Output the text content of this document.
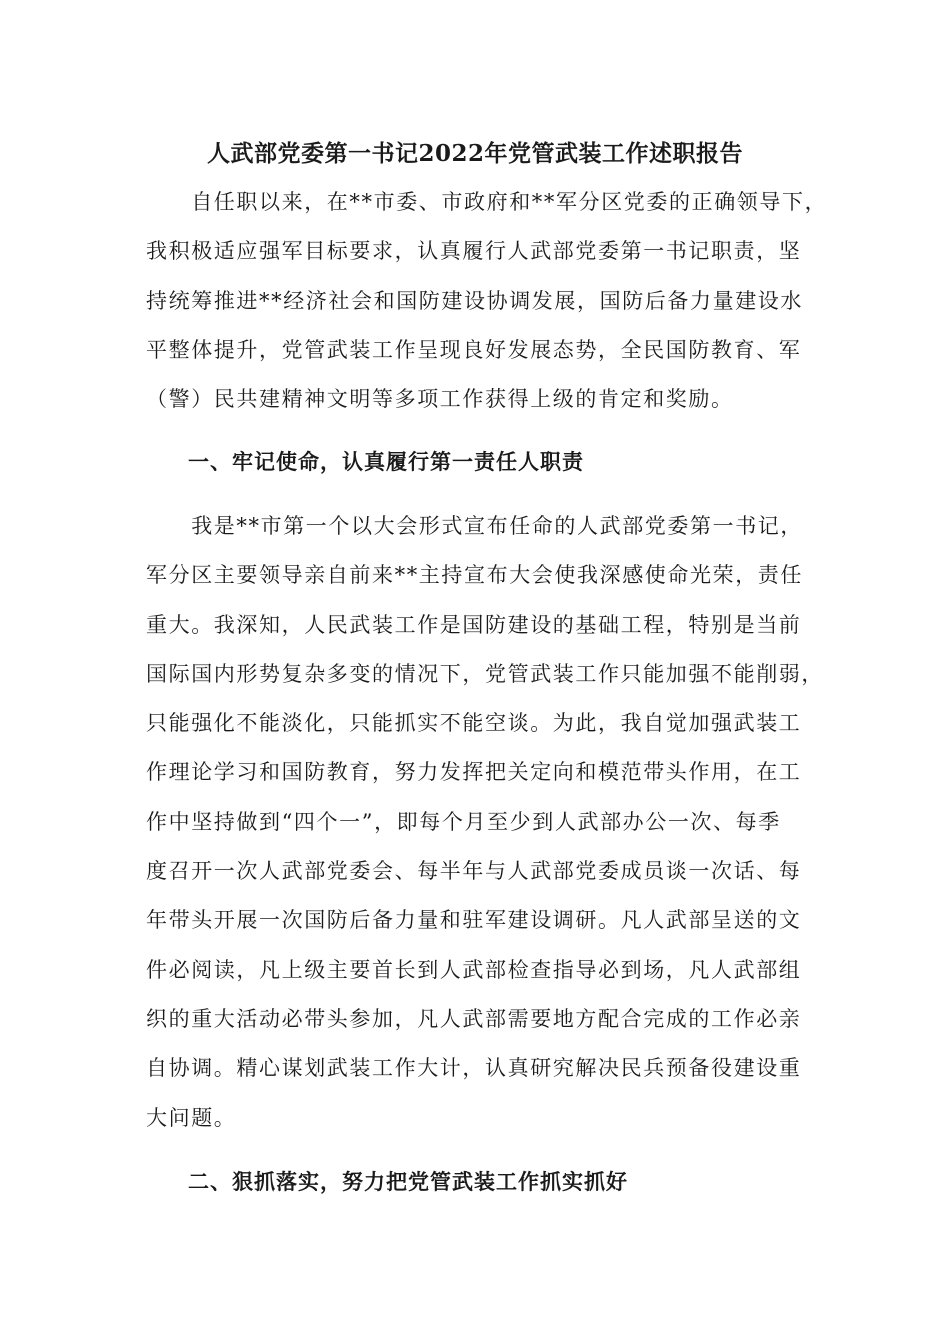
人武部党委第一书记2022年党管武装工作述职报告
　　自任职以来，在**市委、市政府和**军分区党委的正确领导下，
我积极适应强军目标要求，认真履行人武部党委第一书记职责，坚
持统筹推进**经济社会和国防建设协调发展，国防后备力量建设水
平整体提升，党管武装工作呈现良好发展态势，全民国防教育、军
（警）民共建精神文明等多项工作获得上级的肯定和奖励。
一、牢记使命，认真履行第一责任人职责
　　我是**市第一个以大会形式宣布任命的人武部党委第一书记，
军分区主要领导亲自前来**主持宣布大会使我深感使命光荣，责任
重大。我深知，人民武装工作是国防建设的基础工程，特别是当前
国际国内形势复杂多变的情况下，党管武装工作只能加强不能削弱，
只能强化不能淡化，只能抓实不能空谈。为此，我自觉加强武装工
作理论学习和国防教育，努力发挥把关定向和模范带头作用，在工
作中坚持做到“四个一”，即每个月至少到人武部办公一次、每季
度召开一次人武部党委会、每半年与人武部党委成员谈一次话、每
年带头开展一次国防后备力量和驻军建设调研。凡人武部呈送的文
件必阅读，凡上级主要首长到人武部检查指导必到场，凡人武部组
织的重大活动必带头参加，凡人武部需要地方配合完成的工作必亲
自协调。精心谋划武装工作大计，认真研究解决民兵预备役建设重
大问题。
二、狠抓落实，努力把党管武装工作抓实抓好
